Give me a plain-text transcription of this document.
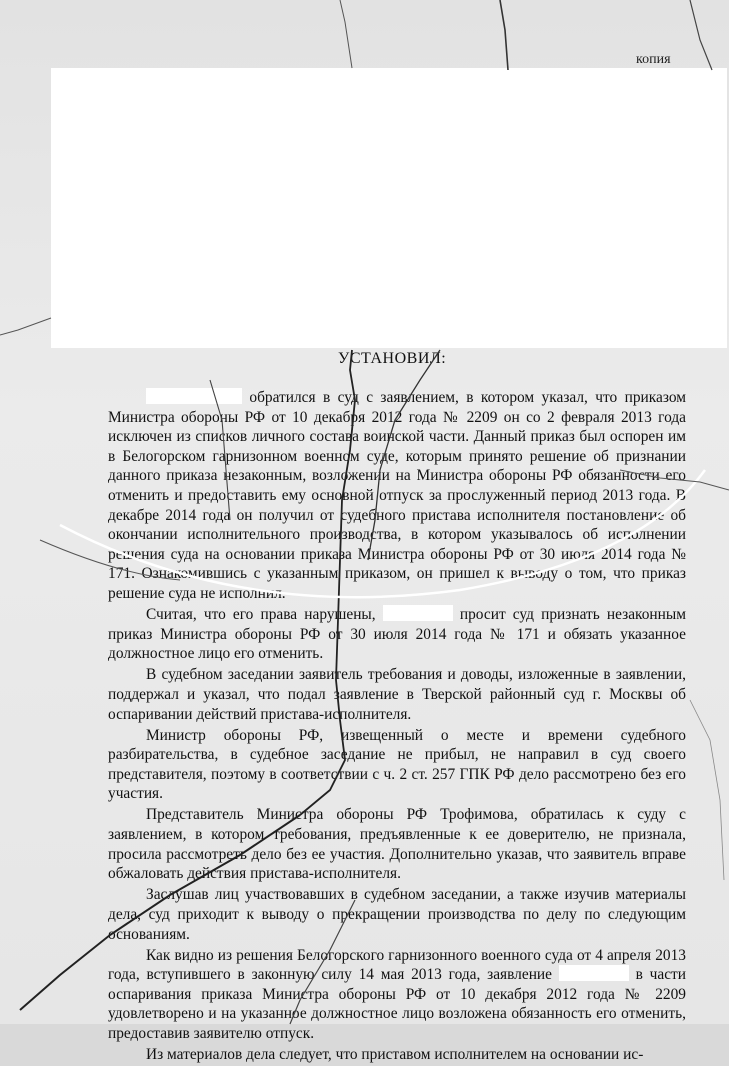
копия
УСТАНОВИЛ:

обратился в суд с заявлением, в котором указал, что приказом Министра обороны РФ от 10 декабря 2012 года № 2209 он со 2 февраля 2013 года исключен из списков личного состава воинской части. Данный приказ был оспорен им в Белогорском гарнизонном военном суде, которым принято решение об признании данного приказа незаконным, возложении на Министра обороны РФ обязанности его отменить и предоставить ему основной отпуск за прослуженный период 2013 года. В декабре 2014 года он получил от судебного пристава исполнителя постановление об окончании исполнительного производства, в котором указывалось об исполнении решения суда на основании приказа Министра обороны РФ от 30 июля 2014 года № 171. Ознакомившись с указанным приказом, он пришел к выводу о том, что приказ решение суда не исполнил.

Считая, что его права нарушены,	просит суд признать незаконным приказ Министра обороны РФ от 30 июля 2014 года № 171 и обязать указанное должностное лицо его отменить.

В судебном заседании заявитель требования и доводы, изложенные в заявлении, поддержал и указал, что подал заявление в Тверской районный суд г. Москвы об оспаривании действий пристава-исполнителя.

Министр обороны РФ, извещенный о месте и времени судебного разбирательства, в судебное заседание не прибыл, не направил в суд своего представителя, поэтому в соответствии с ч. 2 ст. 257 ГПК РФ дело рассмотрено без его участия.

Представитель Министра обороны РФ Трофимова, обратилась к суду с заявлением, в котором требования, предъявленные к ее доверителю, не признала, просила рассмотреть дело без ее участия. Дополнительно указав, что заявитель вправе обжаловать действия пристава-исполнителя.

Заслушав лиц участвовавших в судебном заседании, а также изучив материалы дела, суд приходит к выводу о прекращении производства по делу по следующим основаниям.

Как видно из решения Белогорского гарнизонного военного суда от 4 апреля 2013 года, вступившего в законную силу 14 мая 2013 года, заявление	в части оспаривания приказа Министра обороны РФ от 10 декабря 2012 года № 2209 удовлетворено и на указанное должностное лицо возложена обязанность его отменить, предоставив заявителю отпуск.

Из материалов дела следует, что приставом исполнителем на основании ис-
